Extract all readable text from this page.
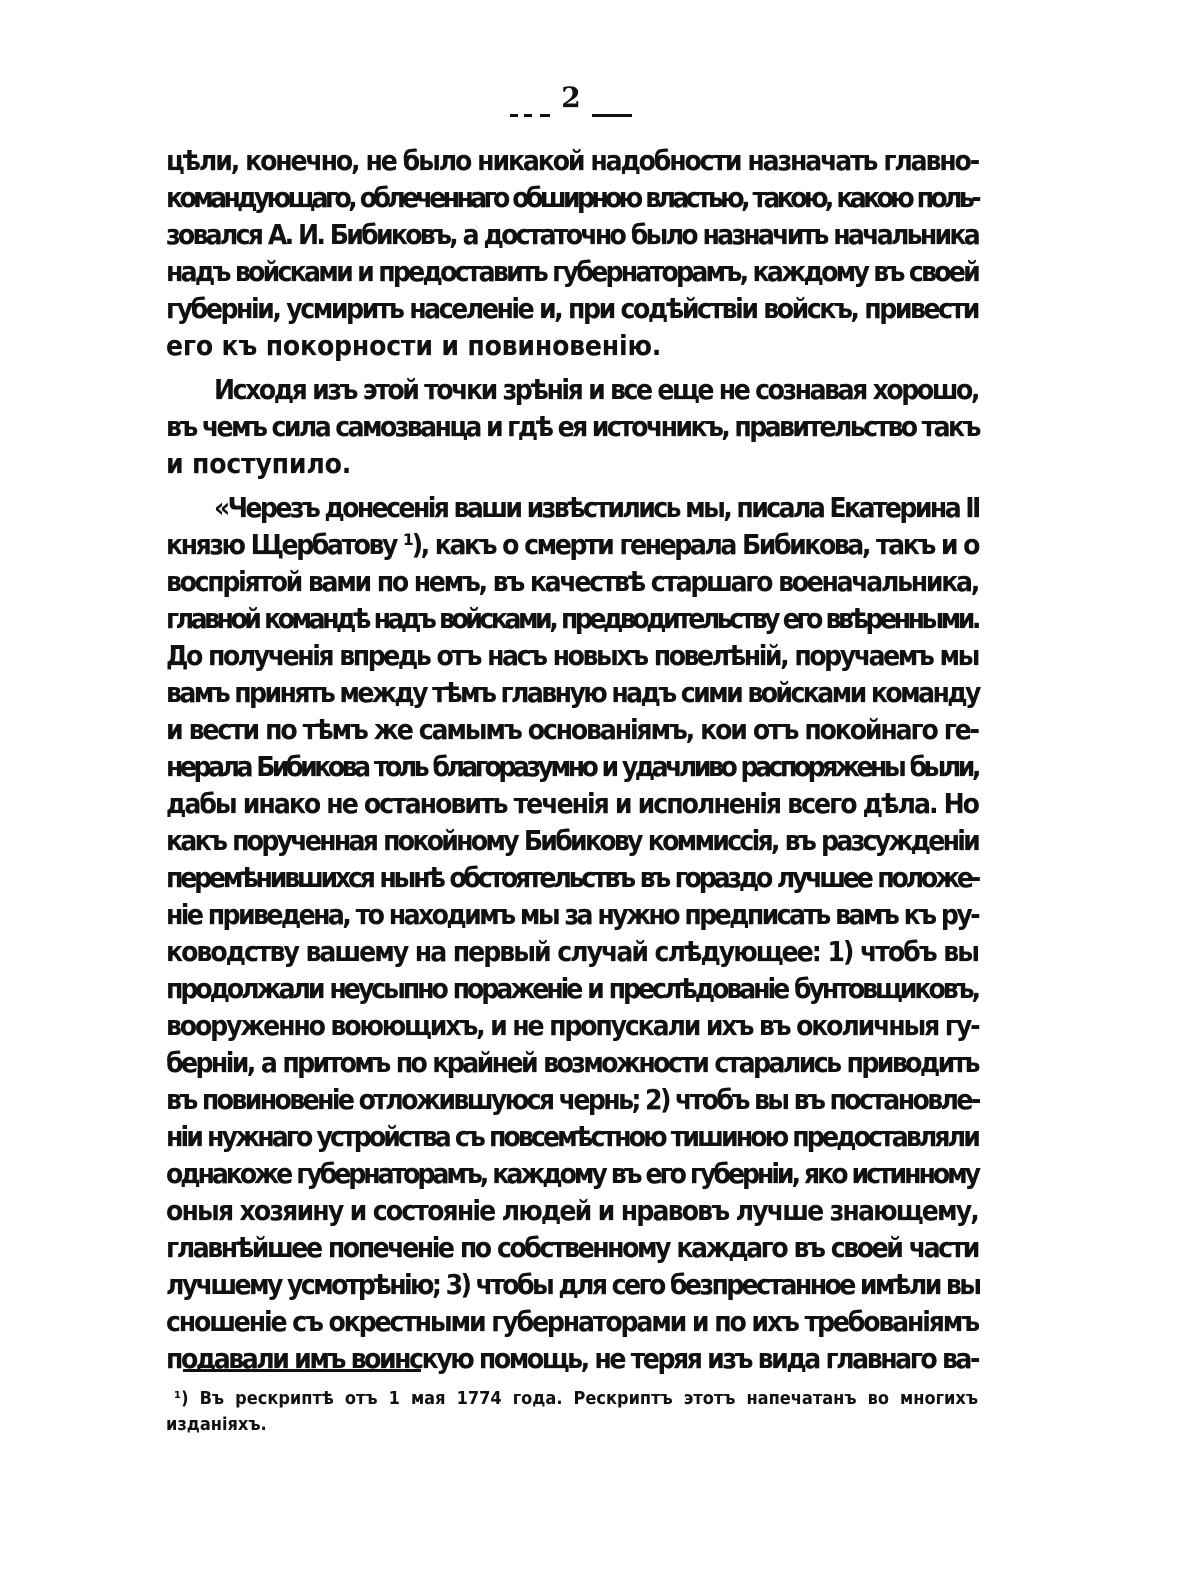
2
цѣли, конечно, не было никакой надобности назначать главно-
командующаго, облеченнаго обширною властью, такою, какою поль-
зовался А. И. Бибиковъ, а достаточно было назначить начальника
надъ войсками и предоставить губернаторамъ, каждому въ своей
губерніи, усмирить населеніе и, при содѣйствіи войскъ, привести
его къ покорности и повиновенію.
Исходя изъ этой точки зрѣнія и все еще не сознавая хорошо,
въ чемъ сила самозванца и гдѣ ея источникъ, правительство такъ
и поступило.
«Черезъ донесенія ваши извѣстились мы, писала Екатерина II
князю Щербатову ¹), какъ о смерти генерала Бибикова, такъ и о
воспріятой вами по немъ, въ качествѣ старшаго военачальника,
главной командѣ надъ войсками, предводительству его ввѣренными.
До полученія впредь отъ насъ новыхъ повелѣній, поручаемъ мы
вамъ принять между тѣмъ главную надъ сими войсками команду
и вести по тѣмъ же самымъ основаніямъ, кои отъ покойнаго ге-
нерала Бибикова толь благоразумно и удачливо распоряжены были,
дабы инако не остановить теченія и исполненія всего дѣла. Но
какъ порученная покойному Бибикову коммиссія, въ разсужденіи
перемѣнившихся нынѣ обстоятельствъ въ гораздо лучшее положе-
ніе приведена, то находимъ мы за нужно предписать вамъ къ ру-
ководству вашему на первый случай слѣдующее: 1) чтобъ вы
продолжали неусыпно пораженіе и преслѣдованіе бунтовщиковъ,
вооруженно воюющихъ, и не пропускали ихъ въ околичныя гу-
берніи, а притомъ по крайней возможности старались приводить
въ повиновеніе отложившуюся чернь; 2) чтобъ вы въ постановле-
ніи нужнаго устройства съ повсемѣстною тишиною предоставляли
однакоже губернаторамъ, каждому въ его губерніи, яко истинному
оныя хозяину и состояніе людей и нравовъ лучше знающему,
главнѣйшее попеченіе по собственному каждаго въ своей части
лучшему усмотрѣнію; 3) чтобы для сего безпрестанное имѣли вы
сношеніе съ окрестными губернаторами и по ихъ требованіямъ
подавали имъ воинскую помощь, не теряя изъ вида главнаго ва-
¹) Въ рескриптѣ отъ 1 мая 1774 года. Рескриптъ этотъ напечатанъ во многихъ
изданіяхъ.
